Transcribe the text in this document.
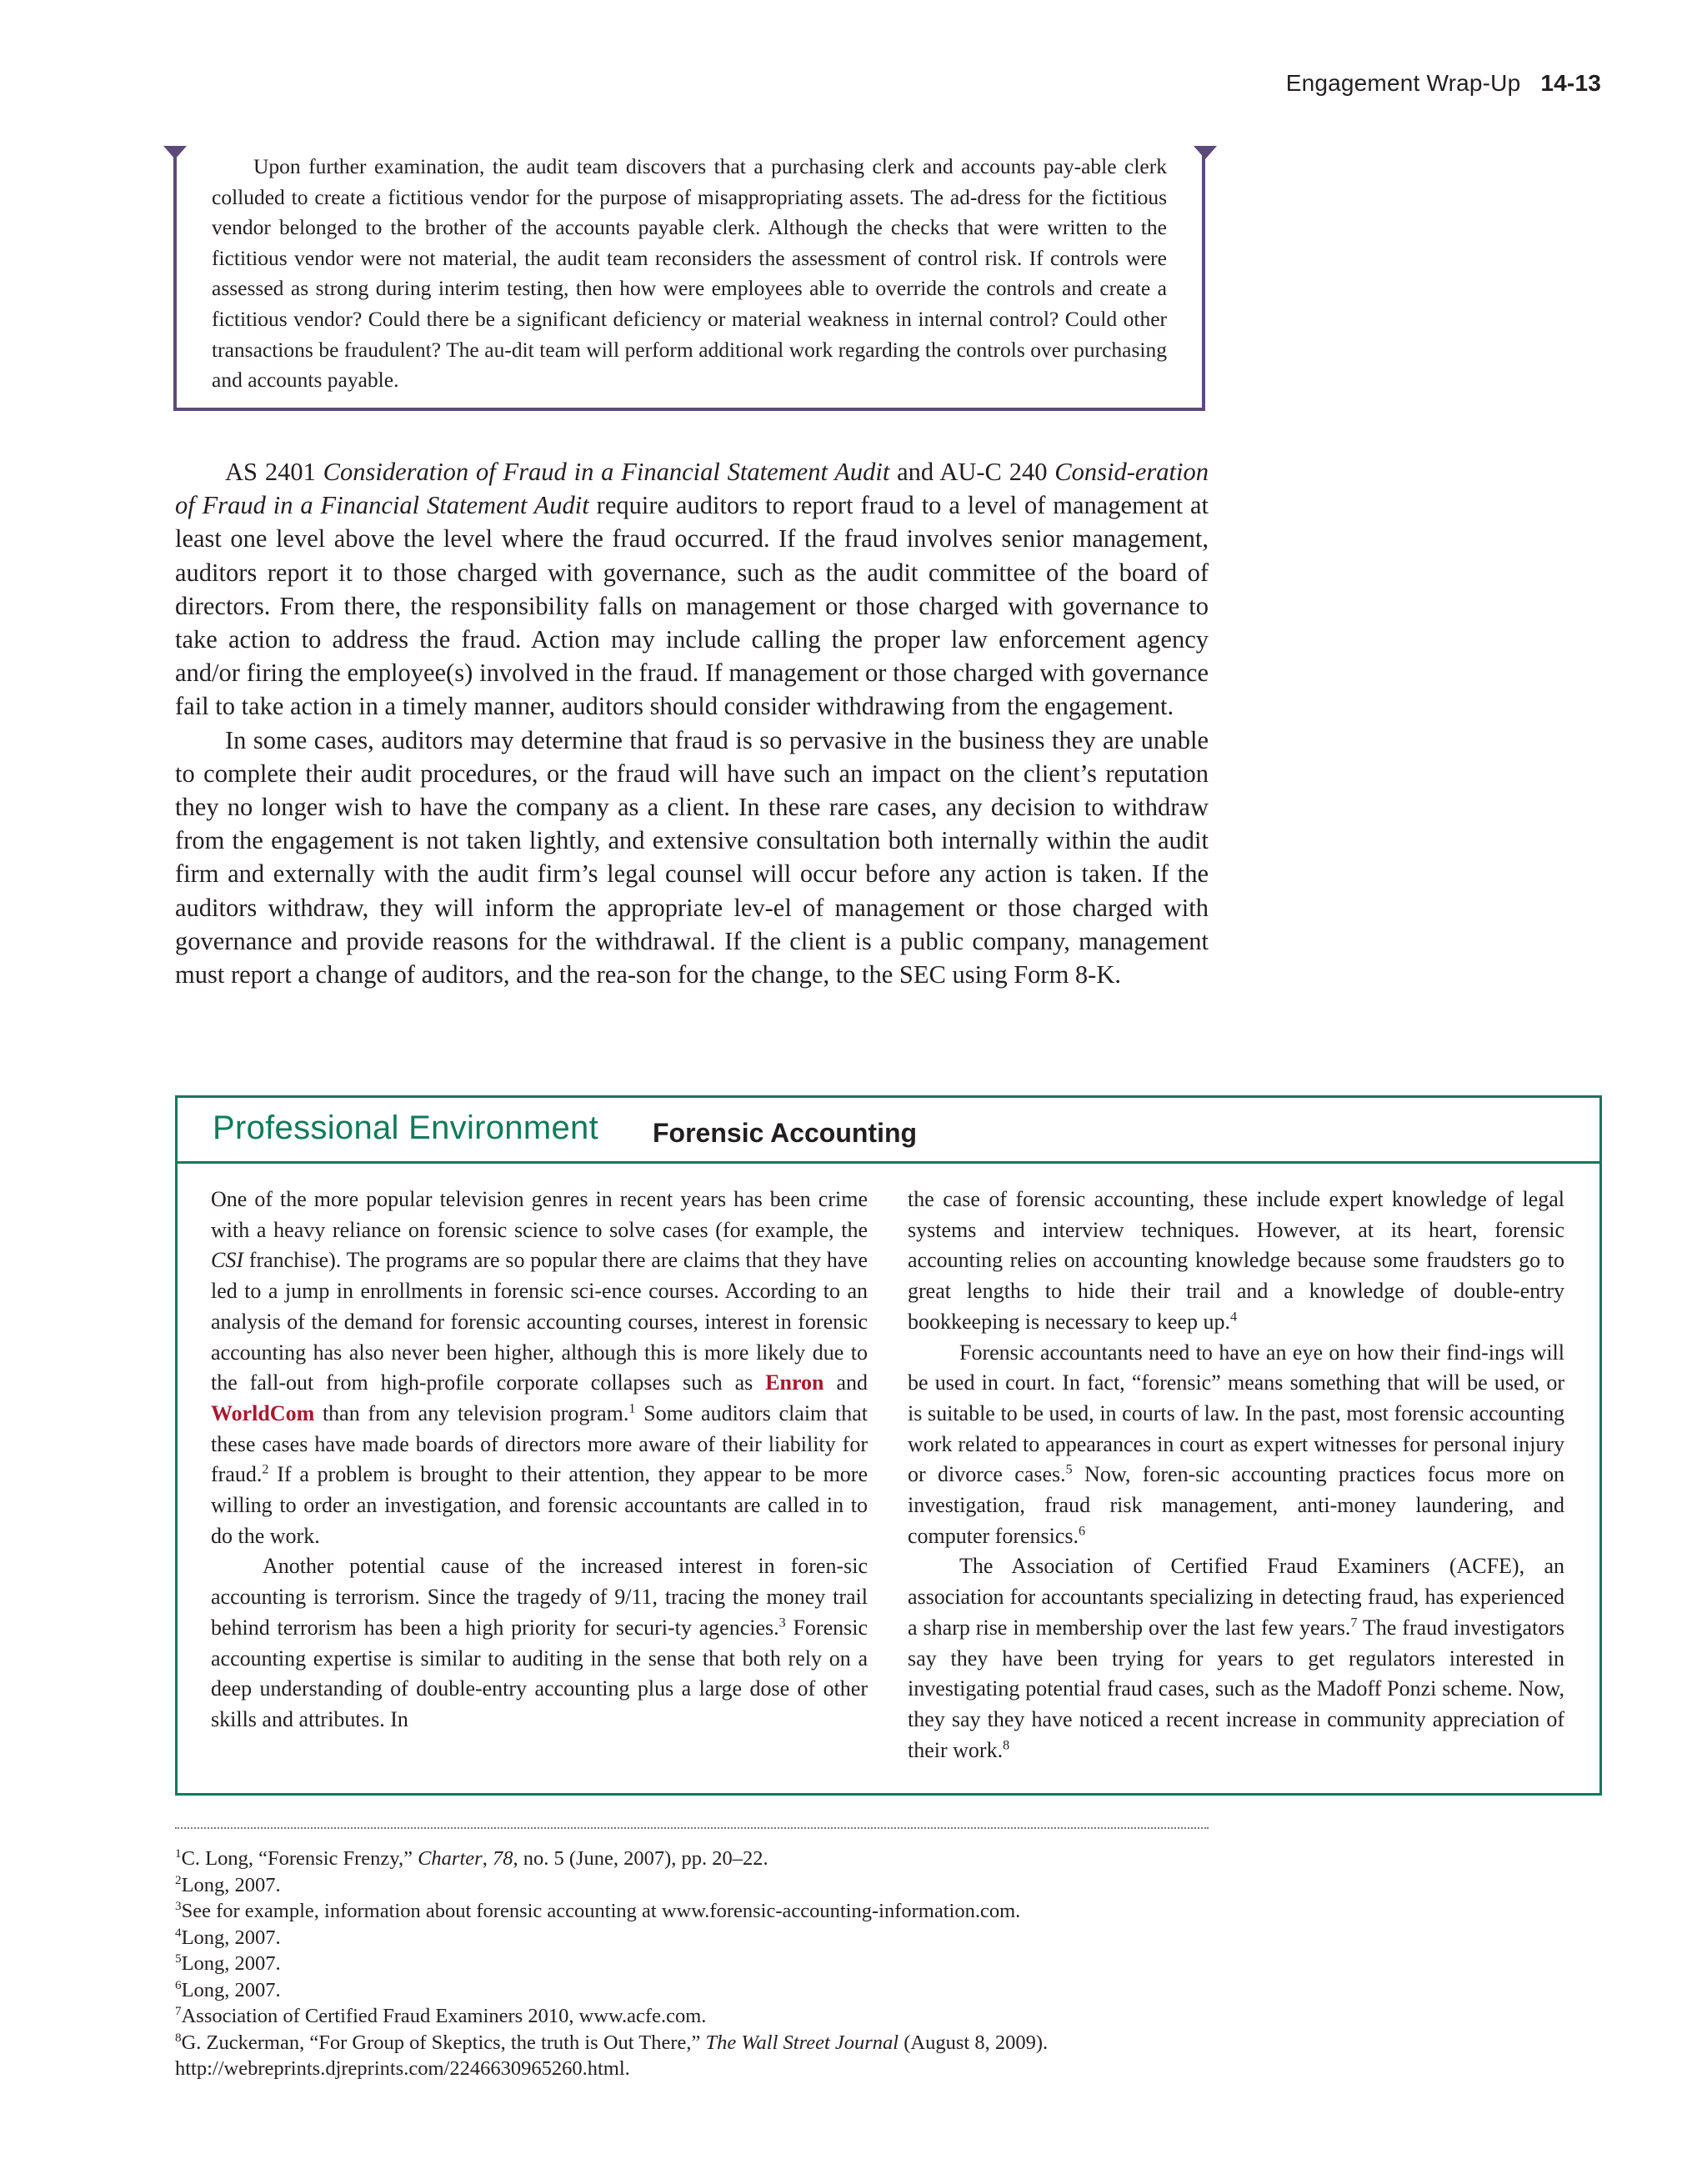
Engagement Wrap-Up 14-13

Upon further examination, the audit team discovers that a purchasing clerk and accounts pay-able clerk colluded to create a fictitious vendor for the purpose of misappropriating assets. The ad-dress for the fictitious vendor belonged to the brother of the accounts payable clerk. Although the checks that were written to the fictitious vendor were not material, the audit team reconsiders the assessment of control risk. If controls were assessed as strong during interim testing, then how were employees able to override the controls and create a fictitious vendor? Could there be a significant deficiency or material weakness in internal control? Could other transactions be fraudulent? The au-dit team will perform additional work regarding the controls over purchasing and accounts payable.

AS 2401 Consideration of Fraud in a Financial Statement Audit and AU-C 240 Consid-eration of Fraud in a Financial Statement Audit require auditors to report fraud to a level of management at least one level above the level where the fraud occurred. If the fraud involves senior management, auditors report it to those charged with governance, such as the audit committee of the board of directors. From there, the responsibility falls on management or those charged with governance to take action to address the fraud. Action may include calling the proper law enforcement agency and/or firing the employee(s) involved in the fraud. If management or those charged with governance fail to take action in a timely manner, auditors should consider withdrawing from the engagement.

In some cases, auditors may determine that fraud is so pervasive in the business they are unable to complete their audit procedures, or the fraud will have such an impact on the client’s reputation they no longer wish to have the company as a client. In these rare cases, any decision to withdraw from the engagement is not taken lightly, and extensive consultation both internally within the audit firm and externally with the audit firm’s legal counsel will occur before any action is taken. If the auditors withdraw, they will inform the appropriate lev-el of management or those charged with governance and provide reasons for the withdrawal. If the client is a public company, management must report a change of auditors, and the rea-son for the change, to the SEC using Form 8-K.

Professional Environment Forensic Accounting

One of the more popular television genres in recent years has been crime with a heavy reliance on forensic science to solve cases (for example, the CSI franchise). The programs are so popular there are claims that they have led to a jump in enrollments in forensic sci-ence courses. According to an analysis of the demand for forensic accounting courses, interest in forensic accounting has also never been higher, although this is more likely due to the fall-out from high-profile corporate collapses such as Enron and WorldCom than from any television program.$^1$ Some auditors claim that these cases have made boards of directors more aware of their liability for fraud.$^2$ If a problem is brought to their attention, they appear to be more willing to order an investigation, and forensic accountants are called in to do the work.

Another potential cause of the increased interest in foren-sic accounting is terrorism. Since the tragedy of 9/11, tracing the money trail behind terrorism has been a high priority for securi-ty agencies.$^3$ Forensic accounting expertise is similar to auditing in the sense that both rely on a deep understanding of double-entry accounting plus a large dose of other skills and attributes. In

the case of forensic accounting, these include expert knowledge of legal systems and interview techniques. However, at its heart, forensic accounting relies on accounting knowledge because some fraudsters go to great lengths to hide their trail and a knowledge of double-entry bookkeeping is necessary to keep up.$^4$

Forensic accountants need to have an eye on how their find-ings will be used in court. In fact, “forensic” means something that will be used, or is suitable to be used, in courts of law. In the past, most forensic accounting work related to appearances in court as expert witnesses for personal injury or divorce cases.$^5$ Now, foren-sic accounting practices focus more on investigation, fraud risk management, anti-money laundering, and computer forensics.$^6$

The Association of Certified Fraud Examiners (ACFE), an association for accountants specializing in detecting fraud, has experienced a sharp rise in membership over the last few years.$^7$ The fraud investigators say they have been trying for years to get regulators interested in investigating potential fraud cases, such as the Madoff Ponzi scheme. Now, they say they have noticed a recent increase in community appreciation of their work.$^8$

$^1$C. Long, “Forensic Frenzy,” Charter, 78, no. 5 (June, 2007), pp. 20–22.
$^2$Long, 2007.
$^3$See for example, information about forensic accounting at www.forensic-accounting-information.com.
$^4$Long, 2007.
$^5$Long, 2007.
$^6$Long, 2007.
$^7$Association of Certified Fraud Examiners 2010, www.acfe.com.
$^8$G. Zuckerman, “For Group of Skeptics, the truth is Out There,” The Wall Street Journal (August 8, 2009).
http://webreprints.djreprints.com/2246630965260.html.
